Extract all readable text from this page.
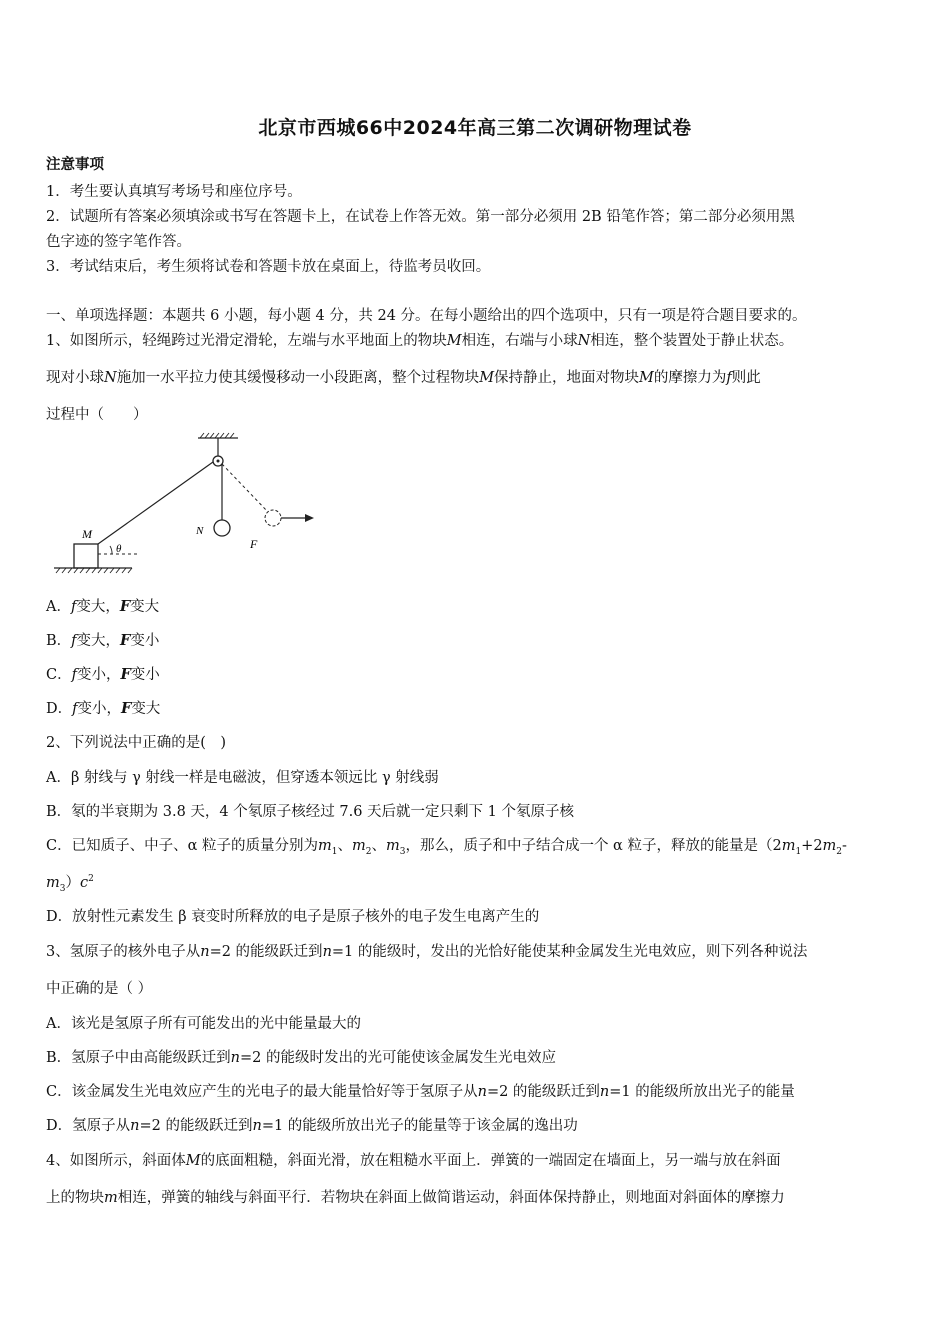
北京市西城66中2024年高三第二次调研物理试卷
注意事项
1．考生要认真填写考场号和座位序号。
2．试题所有答案必须填涂或书写在答题卡上，在试卷上作答无效。第一部分必须用 2B 铅笔作答；第二部分必须用黑
色字迹的签字笔作答。
3．考试结束后，考生须将试卷和答题卡放在桌面上，待监考员收回。
一、单项选择题：本题共 6 小题，每小题 4 分，共 24 分。在每小题给出的四个选项中，只有一项是符合题目要求的。
1、如图所示，轻绳跨过光滑定滑轮，左端与水平地面上的物块M相连，右端与小球N相连，整个装置处于静止状态。
现对小球N施加一水平拉力使其缓慢移动一小段距离，整个过程物块M保持静止，地面对物块M的摩擦力为f则此
过程中（　　）
M	N
F
θ
A．f变大，F变大
B．f变大，F变小
C．f变小，F变小
D．f变小，F变大
2、下列说法中正确的是(　)
A．β 射线与 γ 射线一样是电磁波，但穿透本领远比 γ 射线弱
B．氡的半衰期为 3.8 天，4 个氡原子核经过 7.6 天后就一定只剩下 1 个氡原子核
C．已知质子、中子、α 粒子的质量分别为$m_1$、$m_2$、$m_3$，那么，质子和中子结合成一个 α 粒子，释放的能量是（$2m_1+2m_2-$
$m_3)c^2$
D．放射性元素发生 β 衰变时所释放的电子是原子核外的电子发生电离产生的
3、氢原子的核外电子从n=2 的能级跃迁到n=1 的能级时，发出的光恰好能使某种金属发生光电效应，则下列各种说法
中正确的是（ ）
A．该光是氢原子所有可能发出的光中能量最大的
B．氢原子中由高能级跃迁到n=2 的能级时发出的光可能使该金属发生光电效应
C．该金属发生光电效应产生的光电子的最大能量恰好等于氢原子从n=2 的能级跃迁到n=1 的能级所放出光子的能量
D．氢原子从n=2 的能级跃迁到n=1 的能级所放出光子的能量等于该金属的逸出功
4、如图所示，斜面体M的底面粗糙，斜面光滑，放在粗糙水平面上．弹簧的一端固定在墙面上，另一端与放在斜面
上的物块m相连，弹簧的轴线与斜面平行．若物块在斜面上做简谐运动，斜面体保持静止，则地面对斜面体的摩擦力
